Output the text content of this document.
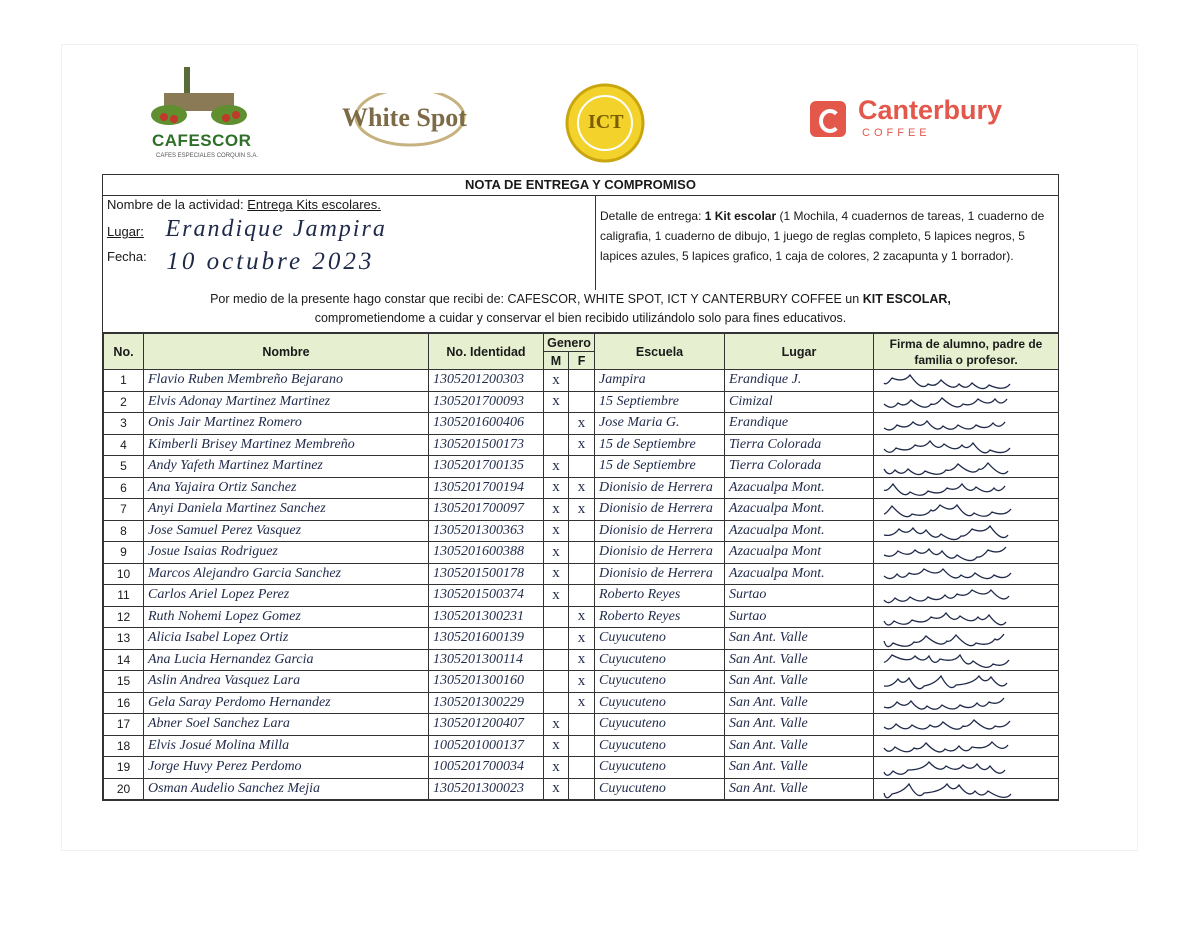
CAFESCOR
CAFES ESPECIALES CORQUIN S.A.
White Spot	ICT	Canterbury
COFFEE
NOTA DE ENTREGA Y COMPROMISO
Nombre de la actividad: Entrega Kits escolares.
Lugar: Erandique Jampira
Fecha: 10 octubre 2023
Detalle de entrega: 1 Kit escolar (1 Mochila, 4 cuadernos de tareas, 1 cuaderno de caligrafia, 1 cuaderno de dibujo, 1 juego de reglas completo, 5 lapices negros, 5 lapices azules, 5 lapices grafico, 1 caja de colores, 2 zacapunta y 1 borrador).
Por medio de la presente hago constar que recibi de: CAFESCOR, WHITE SPOT, ICT Y CANTERBURY COFFEE un KIT ESCOLAR,
comprometiendome a cuidar y conservar el bien recibido utilizándolo solo para fines educativos.
No.	Nombre	No. Identidad	Genero		Escuela	Lugar	Firma de alumno, padre de familia o profesor.
			M	F			
1	Flavio Ruben Membreño Bejarano	1305201200303	x		Jampira	Erandique J.	

2	Elvis Adonay Martinez Martinez	1305201700093	x		15 Septiembre	Cimizal	

3	Onis Jair Martinez Romero	1305201600406		x	Jose Maria G.	Erandique	

4	Kimberli Brisey Martinez Membreño	1305201500173		x	15 de Septiembre	Tierra Colorada	

5	Andy Yafeth Martinez Martinez	1305201700135	x		15 de Septiembre	Tierra Colorada	

6	Ana Yajaira Ortiz Sanchez	1305201700194	x	x	Dionisio de Herrera	Azacualpa Mont.	

7	Anyi Daniela Martinez Sanchez	1305201700097	x	x	Dionisio de Herrera	Azacualpa Mont.	

8	Jose Samuel Perez Vasquez	1305201300363	x		Dionisio de Herrera	Azacualpa Mont.	

9	Josue Isaias Rodriguez	1305201600388	x		Dionisio de Herrera	Azacualpa Mont	

10	Marcos Alejandro Garcia Sanchez	1305201500178	x		Dionisio de Herrera	Azacualpa Mont.	

11	Carlos Ariel Lopez Perez	1305201500374	x		Roberto Reyes	Surtao	

12	Ruth Nohemi Lopez Gomez	1305201300231		x	Roberto Reyes	Surtao	

13	Alicia Isabel Lopez Ortiz	1305201600139		x	Cuyucuteno	San Ant. Valle	

14	Ana Lucia Hernandez Garcia	1305201300114		x	Cuyucuteno	San Ant. Valle	

15	Aslin Andrea Vasquez Lara	1305201300160		x	Cuyucuteno	San Ant. Valle	

16	Gela Saray Perdomo Hernandez	1305201300229		x	Cuyucuteno	San Ant. Valle	

17	Abner Soel Sanchez Lara	1305201200407	x		Cuyucuteno	San Ant. Valle	

18	Elvis Josué Molina Milla	1005201000137	x		Cuyucuteno	San Ant. Valle	

19	Jorge Huvy Perez Perdomo	1005201700034	x		Cuyucuteno	San Ant. Valle	

20	Osman Audelio Sanchez Mejia	1305201300023	x		Cuyucuteno	San Ant. Valle	
